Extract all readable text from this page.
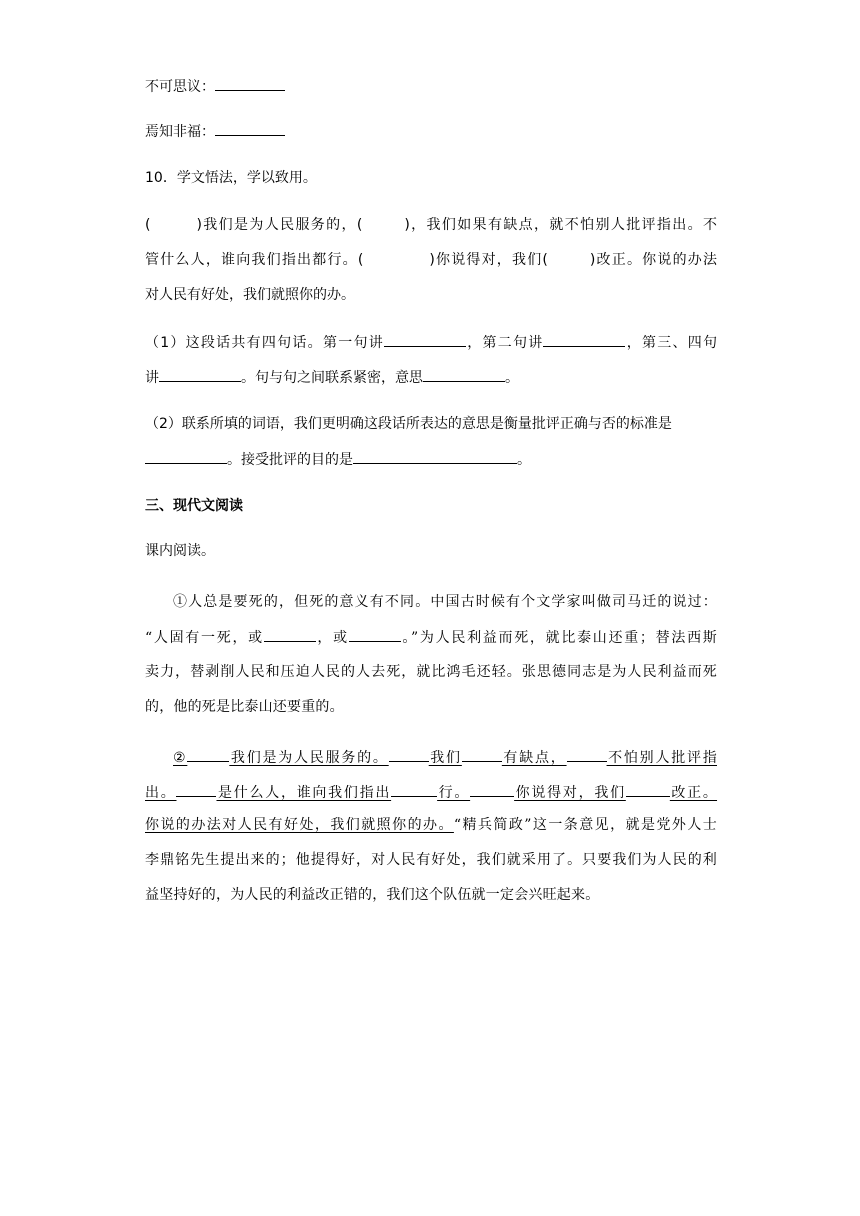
不可思议：
焉知非福：
10．学文悟法，学以致用。
(	)我们是为人民服务的，(	)，我们如果有缺点，就不怕别人批评指出。不
管什么人，谁向我们指出都行。(	)你说得对，我们(	)改正。你说的办法
对人民有好处，我们就照你的办。
（1）这段话共有四句话。第一句讲	，第二句讲	，第三、四句
讲	。句与句之间联系紧密，意思	。
（2）联系所填的词语，我们更明确这段话所表达的意思是衡量批评正确与否的标准是
。接受批评的目的是	。
三、现代文阅读
课内阅读。
①人总是要死的，但死的意义有不同。中国古时候有个文学家叫做司马迁的说过：
“人固有一死，或	，或	。”为人民利益而死，就比泰山还重；替法西斯
卖力，替剥削人民和压迫人民的人去死，就比鸿毛还轻。张思德同志是为人民利益而死
的，他的死是比泰山还要重的。
②	我们是为人民服务的。	我们	有缺点，	不怕别人批评指
出。	是什么人，谁向我们指出	行。	你说得对，我们	改正。
你说的办法对人民有好处，我们就照你的办。“精兵简政”这一条意见，就是党外人士
李鼎铭先生提出来的；他提得好，对人民有好处，我们就采用了。只要我们为人民的利
益坚持好的，为人民的利益改正错的，我们这个队伍就一定会兴旺起来。
